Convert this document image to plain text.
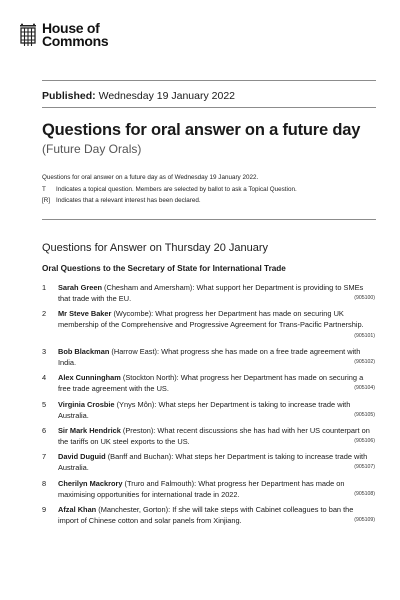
House of
Commons
Published: Wednesday 19 January 2022
Questions for oral answer on a future day
(Future Day Orals)
Questions for oral answer on a future day as of Wednesday 19 January 2022.
T	Indicates a topical question. Members are selected by ballot to ask a Topical Question.
[R] Indicates that a relevant interest has been declared.
Questions for Answer on Thursday 20 January
Oral Questions to the Secretary of State for International Trade
1	Sarah Green (Chesham and Amersham): What support her Department is providing to SMEs that trade with the EU.	(905100)
2	Mr Steve Baker (Wycombe): What progress her Department has made on securing UK membership of the Comprehensive and Progressive Agreement for Trans-Pacific Partnership.
(905101)
3	Bob Blackman (Harrow East): What progress she has made on a free trade agreement with India.	(905102)
4	Alex Cunningham (Stockton North): What progress her Department has made on securing a free trade agreement with the US.	(905104)
5	Virginia Crosbie (Ynys Môn): What steps her Department is taking to increase trade with Australia.	(905105)
6	Sir Mark Hendrick (Preston): What recent discussions she has had with her US counterpart on the tariffs on UK steel exports to the US.	(905106)
7	David Duguid (Banff and Buchan): What steps her Department is taking to increase trade with Australia.	(905107)
8	Cherilyn Mackrory (Truro and Falmouth): What progress her Department has made on maximising opportunities for international trade in 2022.	(905108)
9	Afzal Khan (Manchester, Gorton): If she will take steps with Cabinet colleagues to ban the import of Chinese cotton and solar panels from Xinjiang.	(905109)
